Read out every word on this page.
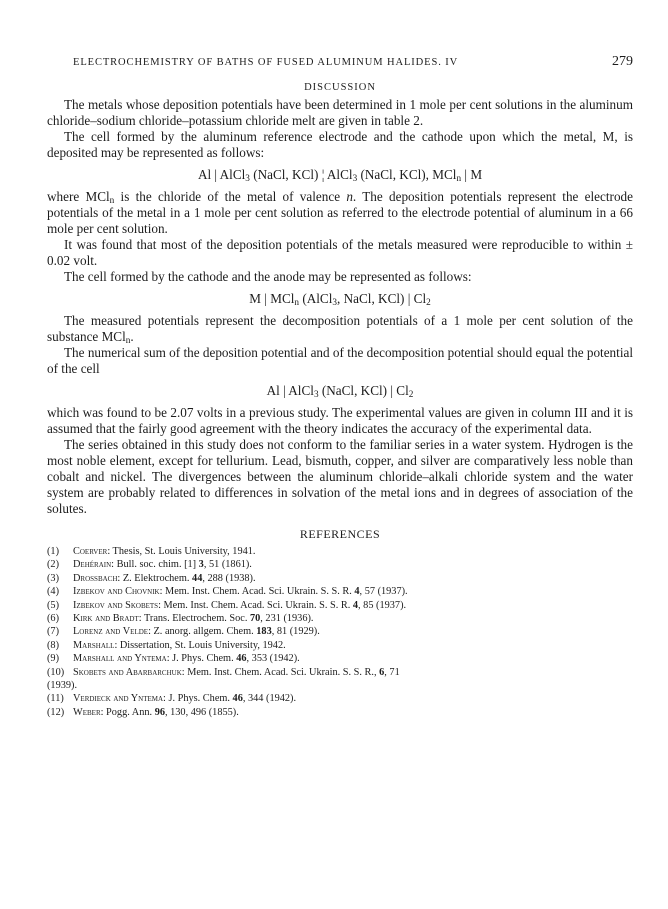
ELECTROCHEMISTRY OF BATHS OF FUSED ALUMINUM HALIDES. IV	279
DISCUSSION

The metals whose deposition potentials have been determined in 1 mole per cent solutions in the aluminum chloride–sodium chloride–potassium chloride melt are given in table 2.

The cell formed by the aluminum reference electrode and the cathode upon which the metal, M, is deposited may be represented as follows:

Al | AlCl$_3$ (NaCl, KCl) ¦ AlCl$_3$ (NaCl, KCl), MCl$_n$ | M

where MCl$_n$ is the chloride of the metal of valence n. The deposition potentials represent the electrode potentials of the metal in a 1 mole per cent solution as referred to the electrode potential of aluminum in a 66 mole per cent solution.

It was found that most of the deposition potentials of the metals measured were reproducible to within ± 0.02 volt.

The cell formed by the cathode and the anode may be represented as follows:

M | MCl$_n$ (AlCl$_3$, NaCl, KCl) | $Cl_2$

The measured potentials represent the decomposition potentials of a 1 mole per cent solution of the substance MCl$_n$.

The numerical sum of the deposition potential and of the decomposition potential should equal the potential of the cell

Al | AlCl$_3$ (NaCl, KCl) | $Cl_2$

which was found to be 2.07 volts in a previous study. The experimental values are given in column III and it is assumed that the fairly good agreement with the theory indicates the accuracy of the experimental data.

The series obtained in this study does not conform to the familiar series in a water system. Hydrogen is the most noble element, except for tellurium. Lead, bismuth, copper, and silver are comparatively less noble than cobalt and nickel. The divergences between the aluminum chloride–alkali chloride system and the water system are probably related to differences in solvation of the metal ions and in degrees of association of the solutes.

REFERENCES
(1)	Coerver: Thesis, St. Louis University, 1941.
(2)	Dehérain: Bull. soc. chim. [1] 3, 51 (1861).
(3)	Drossbach: Z. Elektrochem. 44, 288 (1938).
(4)	Izbekov and Chovnik: Mem. Inst. Chem. Acad. Sci. Ukrain. S. S. R. 4, 57 (1937).
(5)	Izbekov and Skobets: Mem. Inst. Chem. Acad. Sci. Ukrain. S. S. R. 4, 85 (1937).
(6)	Kirk and Bradt: Trans. Electrochem. Soc. 70, 231 (1936).
(7)	Lorenz and Velde: Z. anorg. allgem. Chem. 183, 81 (1929).
(8)	Marshall: Dissertation, St. Louis University, 1942.
(9)	Marshall and Yntema: J. Phys. Chem. 46, 353 (1942).
(10) Skobets and Abarbarchuk: Mem. Inst. Chem. Acad. Sci. Ukrain. S. S. R., 6, 71
(1939).
(11) Verdieck and Yntema: J. Phys. Chem. 46, 344 (1942).
(12) Weber: Pogg. Ann. 96, 130, 496 (1855).
